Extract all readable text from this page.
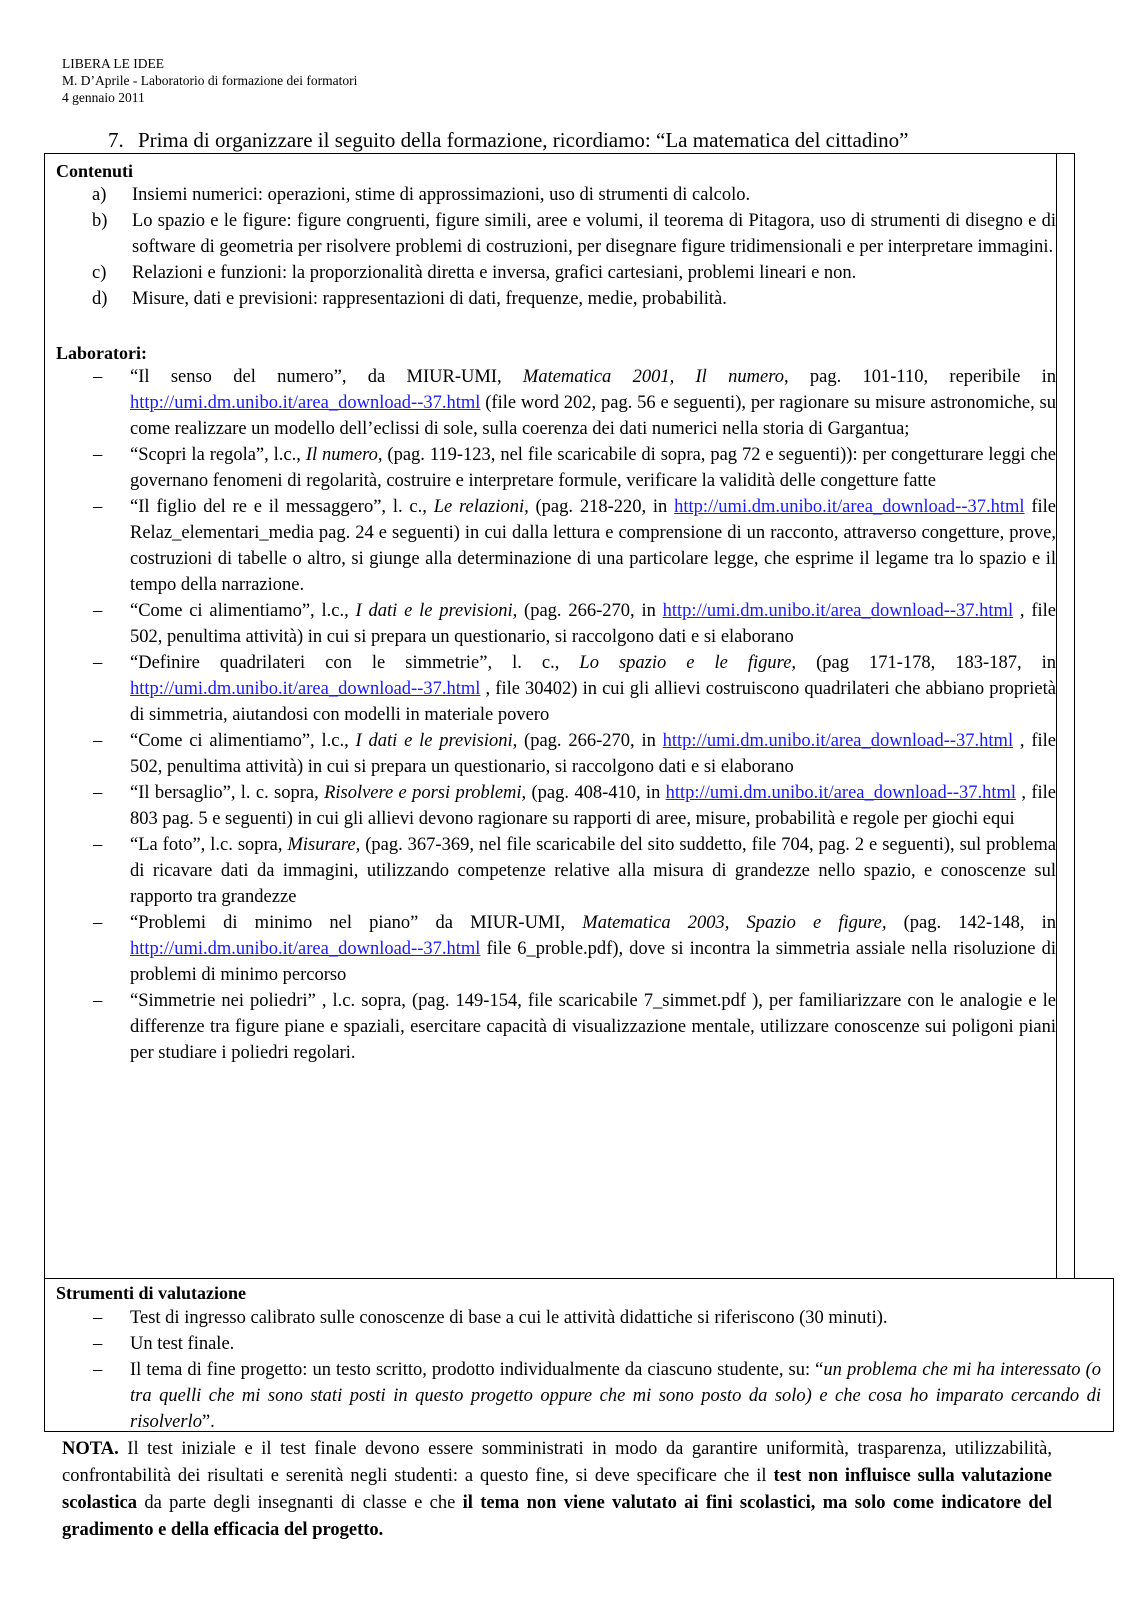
LIBERA LE IDEE
M. D’Aprile - Laboratorio di formazione dei formatori
4 gennaio 2011
7. Prima di organizzare il seguito della formazione, ricordiamo: “La matematica del cittadino”
Contenuti
a) Insiemi numerici: operazioni, stime di approssimazioni, uso di strumenti di calcolo.
b) Lo spazio e le figure: figure congruenti, figure simili, aree e volumi, il teorema di Pitagora, uso di strumenti di disegno e di software di geometria per risolvere problemi di costruzioni, per disegnare figure tridimensionali e per interpretare immagini.
c) Relazioni e funzioni: la proporzionalità diretta e inversa, grafici cartesiani, problemi lineari e non.
d) Misure, dati e previsioni: rappresentazioni di dati, frequenze, medie, probabilità.
Laboratori:
– “Il senso del numero”, da MIUR-UMI, Matematica 2001, Il numero, pag. 101-110, reperibile in http://umi.dm.unibo.it/area_download--37.html (file word 202, pag. 56 e seguenti), per ragionare su misure astronomiche, su come realizzare un modello dell’eclissi di sole, sulla coerenza dei dati numerici nella storia di Gargantua;
– “Scopri la regola”, l.c., Il numero, (pag. 119-123, nel file scaricabile di sopra, pag 72 e seguenti)): per congetturare leggi che governano fenomeni di regolarità, costruire e interpretare formule, verificare la validità delle congetture fatte
– “Il figlio del re e il messaggero”, l. c., Le relazioni, (pag. 218-220, in http://umi.dm.unibo.it/area_download--37.html file Relaz_elementari_media pag. 24 e seguenti) in cui dalla lettura e comprensione di un racconto, attraverso congetture, prove, costruzioni di tabelle o altro, si giunge alla determinazione di una particolare legge, che esprime il legame tra lo spazio e il tempo della narrazione.
– “Come ci alimentiamo”, l.c., I dati e le previsioni, (pag. 266-270, in http://umi.dm.unibo.it/area_download--37.html , file 502, penultima attività) in cui si prepara un questionario, si raccolgono dati e si elaborano
– “Definire quadrilateri con le simmetrie”, l. c., Lo spazio e le figure, (pag 171-178, 183-187, in http://umi.dm.unibo.it/area_download--37.html , file 30402) in cui gli allievi costruiscono quadrilateri che abbiano proprietà di simmetria, aiutandosi con modelli in materiale povero
– “Come ci alimentiamo”, l.c., I dati e le previsioni, (pag. 266-270, in http://umi.dm.unibo.it/area_download--37.html , file 502, penultima attività) in cui si prepara un questionario, si raccolgono dati e si elaborano
– “Il bersaglio”, l. c. sopra, Risolvere e porsi problemi, (pag. 408-410, in http://umi.dm.unibo.it/area_download--37.html , file 803 pag. 5 e seguenti) in cui gli allievi devono ragionare su rapporti di aree, misure, probabilità e regole per giochi equi
– “La foto”, l.c. sopra, Misurare, (pag. 367-369, nel file scaricabile del sito suddetto, file 704, pag. 2 e seguenti), sul problema di ricavare dati da immagini, utilizzando competenze relative alla misura di grandezze nello spazio, e conoscenze sul rapporto tra grandezze
– “Problemi di minimo nel piano” da MIUR-UMI, Matematica 2003, Spazio e figure, (pag. 142-148, in http://umi.dm.unibo.it/area_download--37.html file 6_proble.pdf), dove si incontra la simmetria assiale nella risoluzione di problemi di minimo percorso
– “Simmetrie nei poliedri” , l.c. sopra, (pag. 149-154, file scaricabile 7_simmet.pdf ), per familiarizzare con le analogie e le differenze tra figure piane e spaziali, esercitare capacità di visualizzazione mentale, utilizzare conoscenze sui poligoni piani per studiare i poliedri regolari.
Strumenti di valutazione
– Test di ingresso calibrato sulle conoscenze di base a cui le attività didattiche si riferiscono (30 minuti).
– Un test finale.
– Il tema di fine progetto: un testo scritto, prodotto individualmente da ciascuno studente, su: “un problema che mi ha interessato (o tra quelli che mi sono stati posti in questo progetto oppure che mi sono posto da solo) e che cosa ho imparato cercando di risolverlo”.
NOTA. Il test iniziale e il test finale devono essere somministrati in modo da garantire uniformità, trasparenza, utilizzabilità, confrontabilità dei risultati e serenità negli studenti: a questo fine, si deve specificare che il test non influisce sulla valutazione scolastica da parte degli insegnanti di classe e che il tema non viene valutato ai fini scolastici, ma solo come indicatore del gradimento e della efficacia del progetto.
